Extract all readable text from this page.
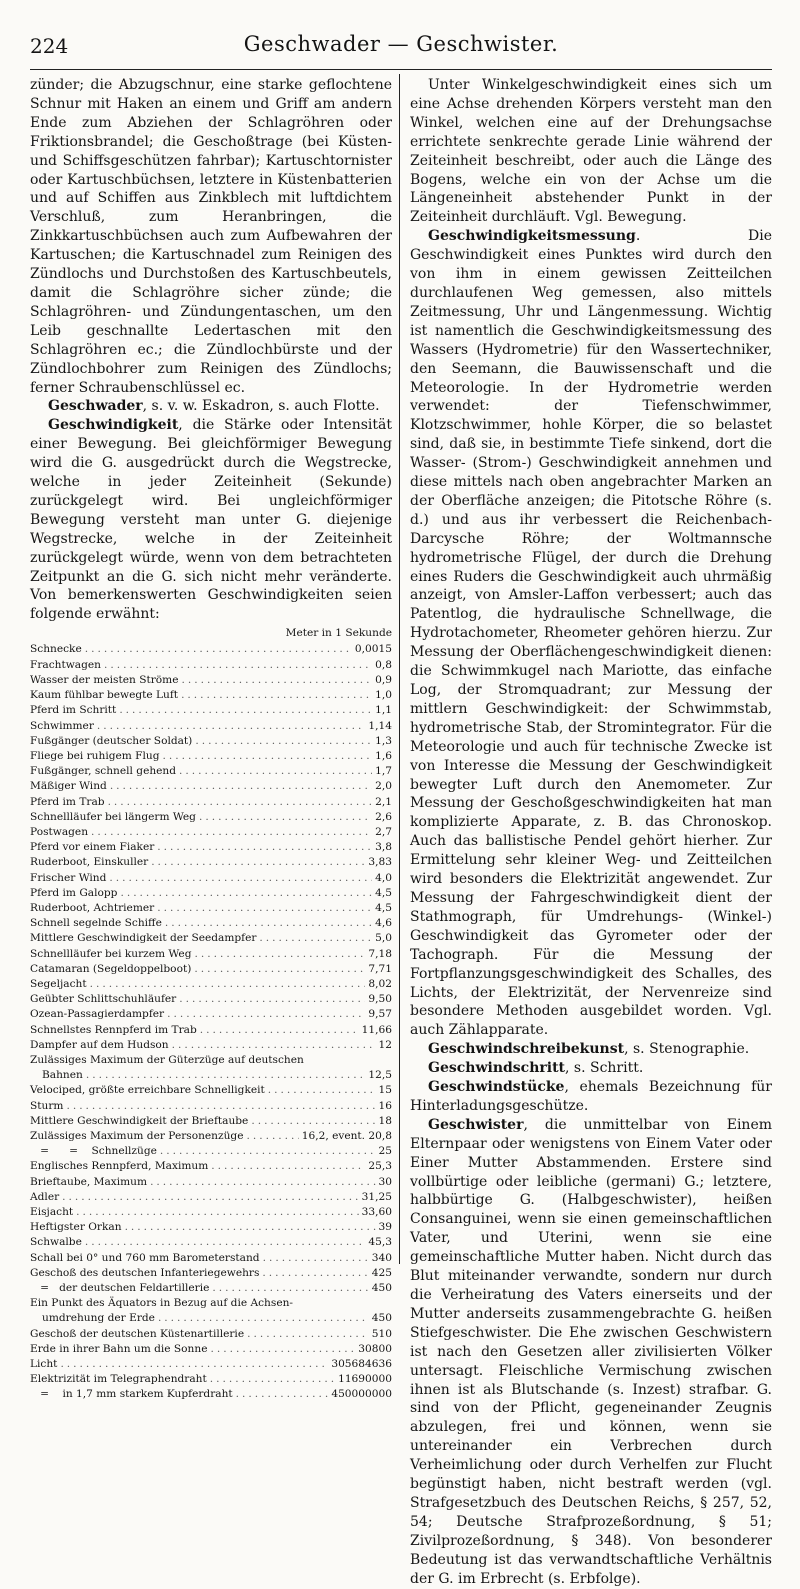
224	Geschwader — Geschwister.

zünder; die Abzugschnur, eine starke geflochtene Schnur mit Haken an einem und Griff am andern Ende zum Abziehen der Schlagröhren oder Friktionsbrandel; die Geschoßtrage (bei Küsten- und Schiffsgeschützen fahrbar); Kartuschtornister oder Kartuschbüchsen, letztere in Küstenbatterien und auf Schiffen aus Zinkblech mit luftdichtem Verschluß, zum Heranbringen, die Zinkkartuschbüchsen auch zum Aufbewahren der Kartuschen; die Kartuschnadel zum Reinigen des Zündlochs und Durchstoßen des Kartuschbeutels, damit die Schlagröhre sicher zünde; die Schlagröhren- und Zündungentaschen, um den Leib geschnallte Ledertaschen mit den Schlagröhren ec.; die Zündlochbürste und der Zündlochbohrer zum Reinigen des Zündlochs; ferner Schraubenschlüssel ec.

Geschwader, s. v. w. Eskadron, s. auch Flotte.

Geschwindigkeit, die Stärke oder Intensität einer Bewegung. Bei gleichförmiger Bewegung wird die G. ausgedrückt durch die Wegstrecke, welche in jeder Zeiteinheit (Sekunde) zurückgelegt wird. Bei ungleichförmiger Bewegung versteht man unter G. diejenige Wegstrecke, welche in der Zeiteinheit zurückgelegt würde, wenn von dem betrachteten Zeitpunkt an die G. sich nicht mehr veränderte. Von bemerkenswerten Geschwindigkeiten seien folgende erwähnt:

Meter in 1 Sekunde
Schnecke .....	0,0015
Frachtwagen .....	0,8
Wasser der meisten Ströme .....	0,9
Kaum fühlbar bewegte Luft .....	1,0
Pferd im Schritt .....	1,1
Schwimmer .....	1,14
Fußgänger (deutscher Soldat) .....	1,3
Fliege bei ruhigem Flug .....	1,6
Fußgänger, schnell gehend .....	1,7
Mäßiger Wind .....	2,0
Pferd im Trab .....	2,1
Schnellläufer bei längerm Weg .....	2,6
Postwagen .....	2,7
Pferd vor einem Fiaker .....	3,8
Ruderboot, Einskuller .....	3,83
Frischer Wind .....	4,0
Pferd im Galopp .....	4,5
Ruderboot, Achtriemer .....	4,5
Schnell segelnde Schiffe .....	4,6
Mittlere Geschwindigkeit der Seedampfer .....	5,0
Schnellläufer bei kurzem Weg .....	7,18
Catamaran (Segeldoppelboot) .....	7,71
Segeljacht .....	8,02
Geübter Schlittschuhläufer .....	9,50
Ozean-Passagierdampfer .....	9,57
Schnellstes Rennpferd im Trab .....	11,66
Dampfer auf dem Hudson .....	12
Zulässiges Maximum der Güterzüge auf deutschen
Bahnen .....	12,5
Velociped, größte erreichbare Schnelligkeit .....	15
Sturm .....	16
Mittlere Geschwindigkeit der Brieftaube .....	18
Zulässiges Maximum der Personenzüge .....	16,2, event. 20,8
=      =    Schnellzüge .....	25
Englisches Rennpferd, Maximum .....	25,3
Brieftaube, Maximum .....	30
Adler .....	31,25
Eisjacht .....	33,60
Heftigster Orkan .....	39
Schwalbe .....	45,3
Schall bei 0° und 760 mm Barometerstand .....	340
Geschoß des deutschen Infanteriegewehrs .....	425
=   der deutschen Feldartillerie .....	450
Ein Punkt des Äquators in Bezug auf die Achsen-
umdrehung der Erde .....	450
Geschoß der deutschen Küstenartillerie .....	510
Erde in ihrer Bahn um die Sonne .....	30800
Licht .....	305684636
Elektrizität im Telegraphendraht .....	11690000
=    in 1,7 mm starkem Kupferdraht .....	450000000

Unter Winkelgeschwindigkeit eines sich um eine Achse drehenden Körpers versteht man den Winkel, welchen eine auf der Drehungsachse errichtete senkrechte gerade Linie während der Zeiteinheit beschreibt, oder auch die Länge des Bogens, welche ein von der Achse um die Längeneinheit abstehender Punkt in der Zeiteinheit durchläuft. Vgl. Bewegung.

Geschwindigkeitsmessung. Die Geschwindigkeit eines Punktes wird durch den von ihm in einem gewissen Zeitteilchen durchlaufenen Weg gemessen, also mittels Zeitmessung, Uhr und Längenmessung. Wichtig ist namentlich die Geschwindigkeitsmessung des Wassers (Hydrometrie) für den Wassertechniker, den Seemann, die Bauwissenschaft und die Meteorologie. In der Hydrometrie werden verwendet: der Tiefenschwimmer, Klotzschwimmer, hohle Körper, die so belastet sind, daß sie, in bestimmte Tiefe sinkend, dort die Wasser- (Strom-) Geschwindigkeit annehmen und diese mittels nach oben angebrachter Marken an der Oberfläche anzeigen; die Pitotsche Röhre (s. d.) und aus ihr verbessert die Reichenbach-Darcysche Röhre; der Woltmannsche hydrometrische Flügel, der durch die Drehung eines Ruders die Geschwindigkeit auch uhrmäßig anzeigt, von Amsler-Laffon verbessert; auch das Patentlog, die hydraulische Schnellwage, die Hydrotachometer, Rheometer gehören hierzu. Zur Messung der Oberflächengeschwindigkeit dienen: die Schwimmkugel nach Mariotte, das einfache Log, der Stromquadrant; zur Messung der mittlern Geschwindigkeit: der Schwimmstab, hydrometrische Stab, der Stromintegrator. Für die Meteorologie und auch für technische Zwecke ist von Interesse die Messung der Geschwindigkeit bewegter Luft durch den Anemometer. Zur Messung der Geschoßgeschwindigkeiten hat man komplizierte Apparate, z. B. das Chronoskop. Auch das ballistische Pendel gehört hierher. Zur Ermittelung sehr kleiner Weg- und Zeitteilchen wird besonders die Elektrizität angewendet. Zur Messung der Fahrgeschwindigkeit dient der Stathmograph, für Umdrehungs- (Winkel-) Geschwindigkeit das Gyrometer oder der Tachograph. Für die Messung der Fortpflanzungsgeschwindigkeit des Schalles, des Lichts, der Elektrizität, der Nervenreize sind besondere Methoden ausgebildet worden. Vgl. auch Zählapparate.

Geschwindschreibekunst, s. Stenographie.

Geschwindschritt, s. Schritt.

Geschwindstücke, ehemals Bezeichnung für Hinterladungsgeschütze.

Geschwister, die unmittelbar von Einem Elternpaar oder wenigstens von Einem Vater oder Einer Mutter Abstammenden. Erstere sind vollbürtige oder leibliche (germani) G.; letztere, halbbürtige G. (Halbgeschwister), heißen Consanguinei, wenn sie einen gemeinschaftlichen Vater, und Uterini, wenn sie eine gemeinschaftliche Mutter haben. Nicht durch das Blut miteinander verwandte, sondern nur durch die Verheiratung des Vaters einerseits und der Mutter anderseits zusammengebrachte G. heißen Stiefgeschwister. Die Ehe zwischen Geschwistern ist nach den Gesetzen aller zivilisierten Völker untersagt. Fleischliche Vermischung zwischen ihnen ist als Blutschande (s. Inzest) strafbar. G. sind von der Pflicht, gegeneinander Zeugnis abzulegen, frei und können, wenn sie untereinander ein Verbrechen durch Verheimlichung oder durch Verhelfen zur Flucht begünstigt haben, nicht bestraft werden (vgl. Strafgesetzbuch des Deutschen Reichs, § 257, 52, 54; Deutsche Strafprozeßordnung, § 51; Zivilprozeßordnung, § 348). Von besonderer Bedeutung ist das verwandtschaftliche Verhältnis der G. im Erbrecht (s. Erbfolge).
